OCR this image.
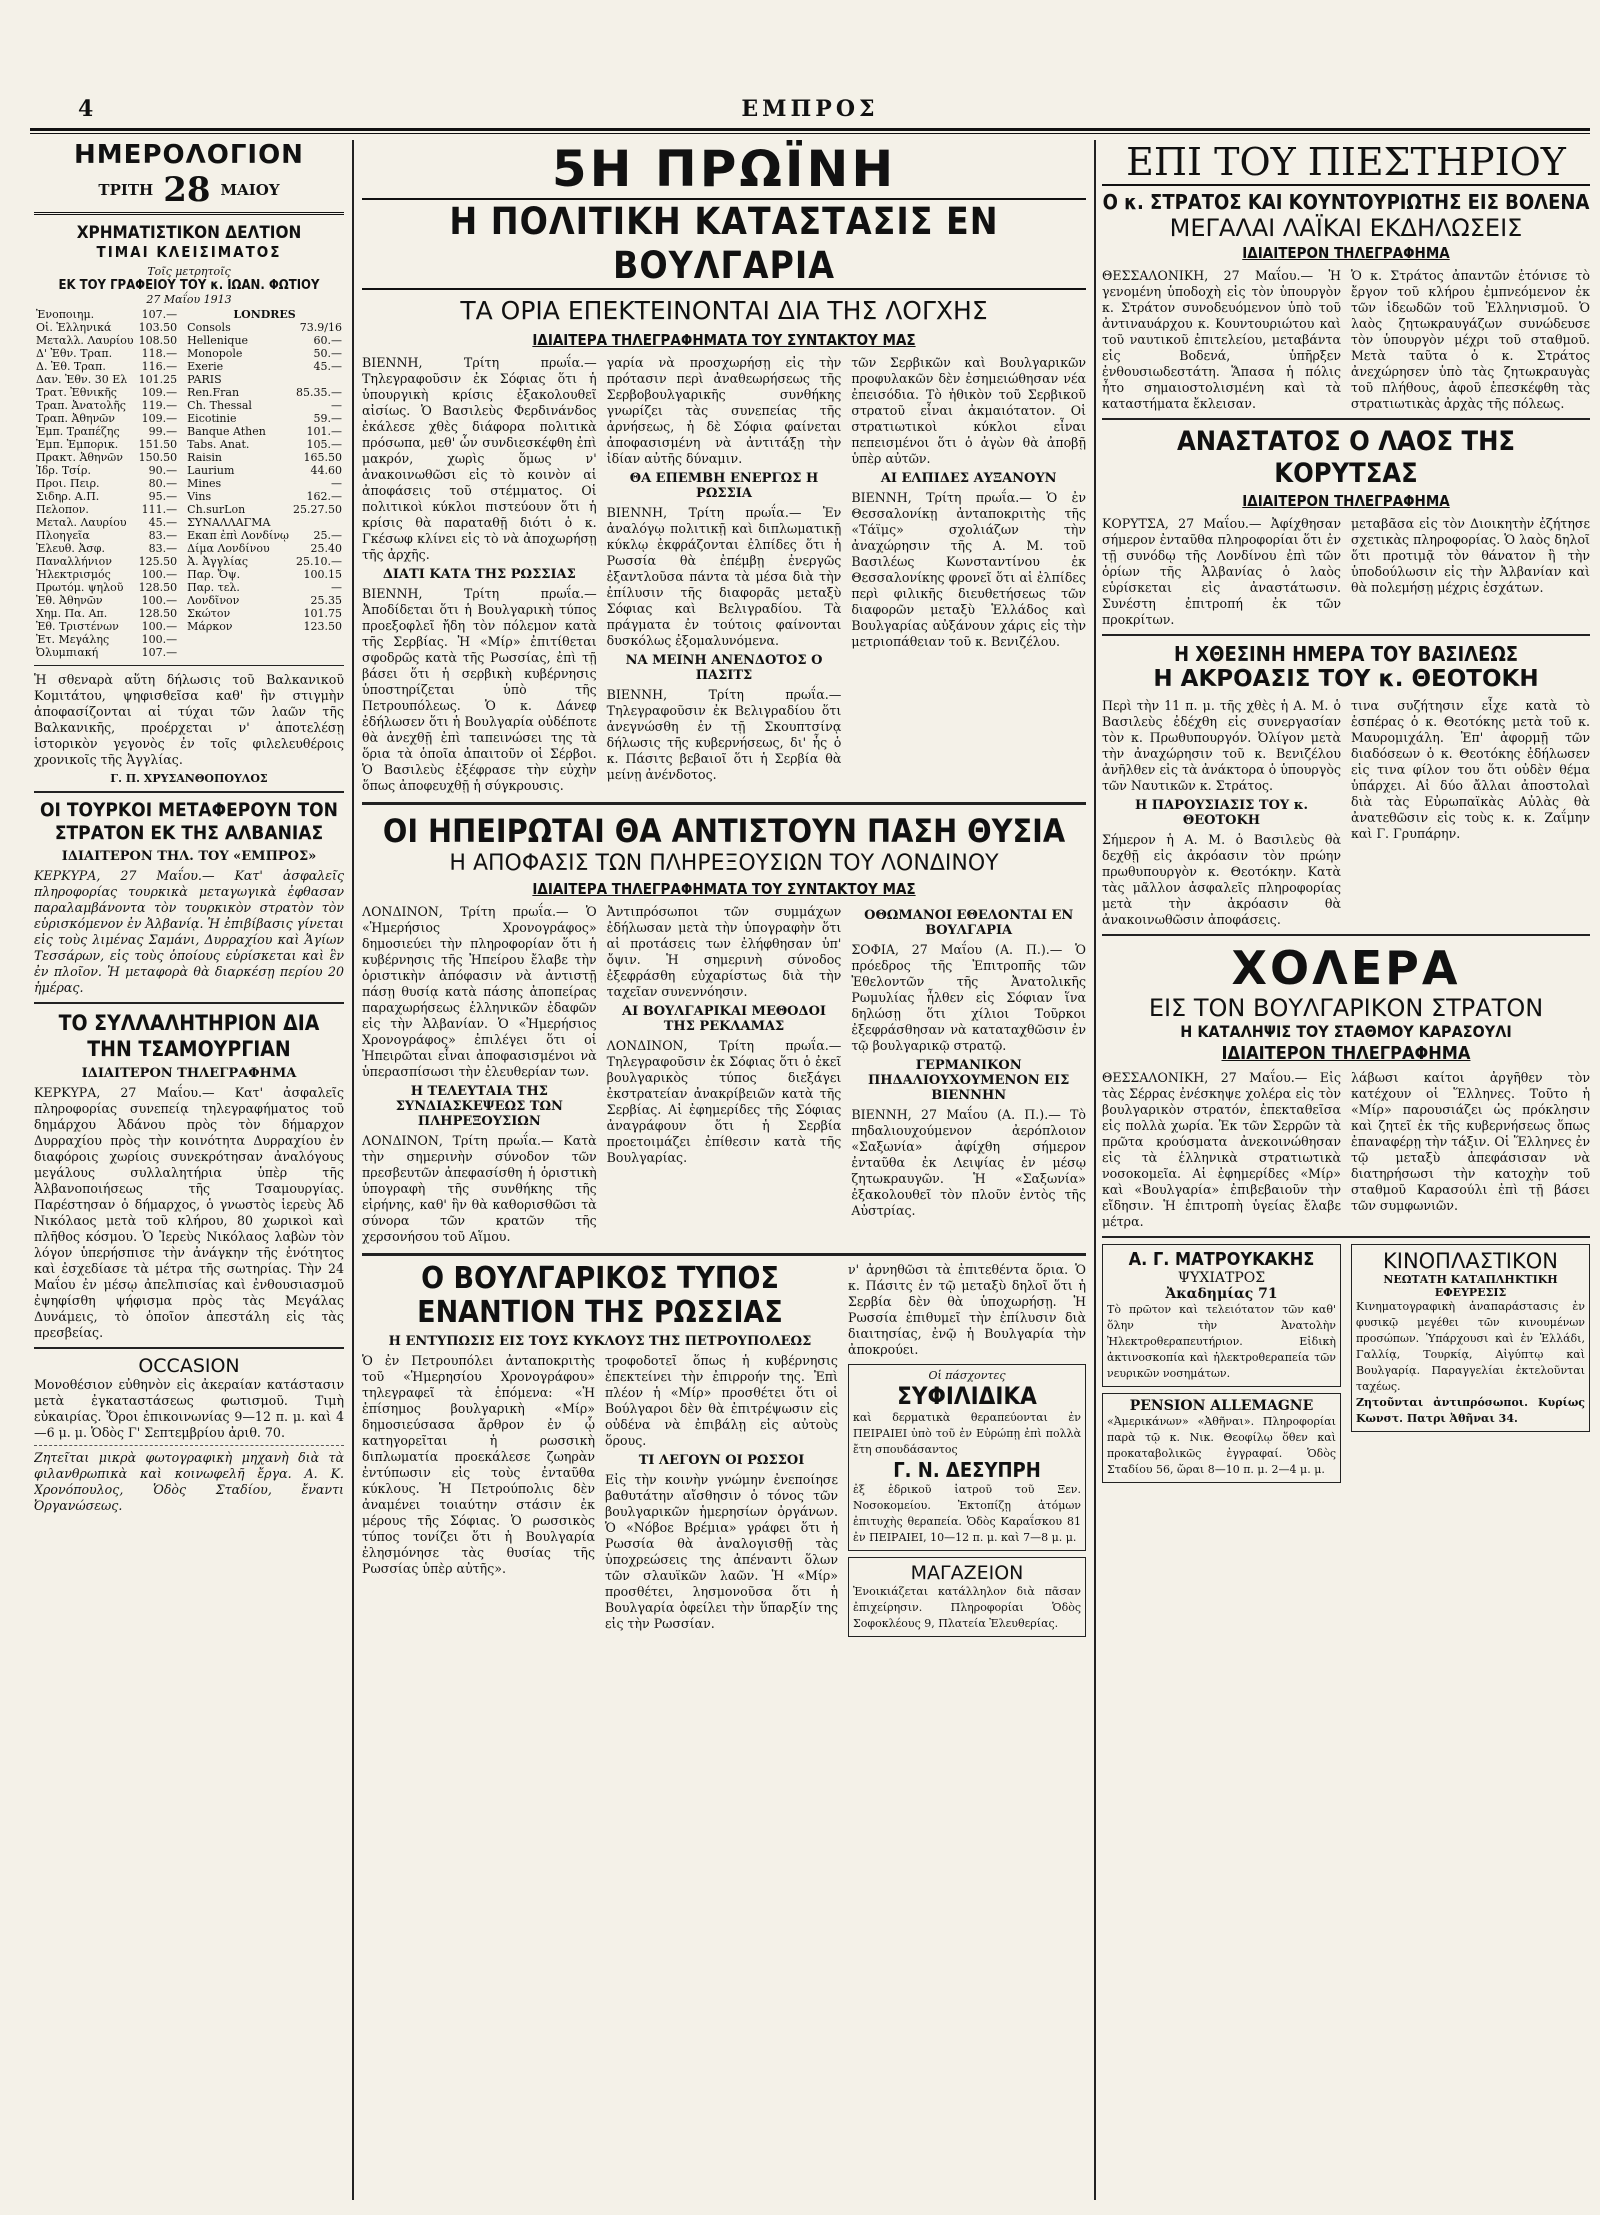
4	ΕΜΠΡΟΣ
ΗΜΕΡΟΛΟΓΙΟΝ
ΤΡΙΤΗ 28 ΜΑΙΟΥ
ΧΡΗΜΑΤΙΣΤΙΚΟΝ ΔΕΛΤΙΟΝ
ΤΙΜΑΙ ΚΛΕΙΣΙΜΑΤΟΣ
Τοῖς μετρητοῖς
ΕΚ ΤΟΥ ΓΡΑΦΕΙΟΥ ΤΟΥ κ. ΙΩΑΝ. ΦΩΤΙΟΥ
27 Μαΐου 1913
Ἐνοποιημ.	107.—
Οἰ. Ἑλληνικά	103.50
Μεταλλ. Λαυρίου	108.50
Δ' Ἐθν. Τραπ.	118.—
Δ. Ἐθ. Τραπ.	116.—
Δαν. Ἐθν. 30 Ελ	101.25
Τρατ. Ἐθνικῆς	109.—
Τραπ. Ἀνατολῆς	119.—
Τραπ. Ἀθηνῶν	109.—
Ἐμπ. Τραπέζης	99.—
Ἐμπ. Ἐμπορικ.	151.50
Πρακτ. Ἀθηνῶν	150.50
Ἰδρ. Τσίρ.	90.—
Προι. Πειρ.	80.—
Σιδηρ. Α.Π.	95.—
Πελοπον.	111.—
Μεταλ. Λαυρίου	45.—
Πλοηγεῖα	83.—
Ἐλευθ. Ἀσφ.	83.—
Παναλλήνιον	125.50
Ἠλεκτρισμός	100.—
Πρωτόμ. ψηλοῦ	128.50
Ἐθ. Ἀθηνῶν	100.—
Χημ. Πα. Απ.	128.50
Ἐθ. Τριστένων	100.—
Ἐτ. Μεγάλης	100.—
Ὀλυμπιακή	107.—
LONDRES
Consols	73.9/16
Hellenique	60.—
Monopole	50.—
Exerie	45.—
PARIS	
Ren.Fran	85.35.—
Ch. Thessal	—
Eicotinie	59.—
Banque Athen	101.—
Tabs. Anat.	105.—
Raisin	165.50
Laurium	44.60
Mines	—
Vins	162.—
Ch.surLon	25.27.50
ΣΥΝΑΛΛΑΓΜΑ	
Εκαπ ἐπὶ Λονδίνῳ	25.—
Δίμα Λονδίνου	25.40
Ἀ. Ἀγγλίας	25.10.—
Παρ. Ὄψ.	100.15
Παρ. τελ.	—
Λονδῖνον	25.35
Σκώτον	101.75
Μάρκον	123.50

Ἡ σθεναρὰ αὕτη δήλωσις τοῦ Βαλκανικοῦ Κομιτάτου, ψηφισθεῖσα καθ' ἣν στιγμὴν ἀποφασίζονται αἱ τύχαι τῶν λαῶν τῆς Βαλκανικῆς, προέρχεται ν' ἀποτελέσῃ ἱστορικὸν γεγονὸς ἐν τοῖς φιλελευθέροις χρονικοῖς τῆς Ἀγγλίας.

Γ. Π. ΧΡΥΣΑΝΘΟΠΟΥΛΟΣ
ΟΙ ΤΟΥΡΚΟΙ ΜΕΤΑΦΕΡΟΥΝ ΤΟΝ ΣΤΡΑΤΟΝ ΕΚ ΤΗΣ ΑΛΒΑΝΙΑΣ
ΙΔΙΑΙΤΕΡΟΝ ΤΗΛ. ΤΟΥ «ΕΜΠΡΟΣ»

ΚΕΡΚΥΡΑ, 27 Μαΐου.— Κατ' ἀσφαλεῖς πληροφορίας τουρκικὰ μεταγωγικὰ ἐφθασαν παραλαμβάνοντα τὸν τουρκικὸν στρατὸν τὸν εὑρισκόμενον ἐν Ἀλβανίᾳ. Ἡ ἐπιβίβασις γίνεται εἰς τοὺς λιμένας Σαμάνι, Δυρραχίου καὶ Ἁγίων Τεσσάρων, εἰς τοὺς ὁποίους εὑρίσκεται καὶ ἓν ἐν πλοῖον. Ἡ μεταφορὰ θὰ διαρκέσῃ περίου 20 ἡμέρας.

ΤΟ ΣΥΛΛΑΛΗΤΗΡΙΟΝ ΔΙΑ ΤΗΝ ΤΣΑΜΟΥΡΓΙΑΝ
ΙΔΙΑΙΤΕΡΟΝ ΤΗΛΕΓΡΑΦΗΜΑ

ΚΕΡΚΥΡΑ, 27 Μαΐου.— Κατ' ἀσφαλεῖς πληροφορίας συνεπείᾳ τηλεγραφήματος τοῦ δημάρχου Ἀδάνου πρὸς τὸν δήμαρχον Δυρραχίου πρὸς τὴν κοινότητα Δυρραχίου ἐν διαφόροις χωρίοις συνεκρότησαν ἀναλόγους μεγάλους συλλαλητήρια ὑπὲρ τῆς Ἀλβανοποιήσεως τῆς Τσαμουργίας. Παρέστησαν ὁ δήμαρχος, ὁ γνωστὸς ἱερεὺς Ἀδ Νικόλαος μετὰ τοῦ κλήρου, 80 χωρικοὶ καὶ πλῆθος κόσμου. Ὁ Ἰερεὺς Νικόλαος λαβὼν τὸν λόγον ὑπερήσπισε τὴν ἀνάγκην τῆς ἑνότητος καὶ ἐσχεδίασε τὰ μέτρα τῆς σωτηρίας. Τὴν 24 Μαΐου ἐν μέσῳ ἀπελπισίας καὶ ἐνθουσιασμοῦ ἐψηφίσθη ψήφισμα πρὸς τὰς Μεγάλας Δυνάμεις, τὸ ὁποῖον ἀπεστάλη εἰς τὰς πρεσβείας.

OCCASION

Μονοθέσιον εὐθηνὸν εἰς ἀκεραίαν κατάστασιν μετὰ ἐγκαταστάσεως φωτισμοῦ. Τιμὴ εὐκαιρίας. Ὅροι ἐπικοινωνίας 9—12 π. μ. καὶ 4—6 μ. μ. Ὁδὸς Γ' Σεπτεμβρίου ἀριθ. 70.

Ζητεῖται μικρὰ φωτογραφικὴ μηχανὴ διὰ τὰ φιλανθρωπικὰ καὶ κοινωφελῆ ἔργα. Α. Κ. Χρονόπουλος, Ὁδὸς Σταδίου, ἔναντι Ὀργανώσεως.

5Η ΠΡΩΪΝΗ
Η ΠΟΛΙΤΙΚΗ ΚΑΤΑΣΤΑΣΙΣ ΕΝ ΒΟΥΛΓΑΡΙΑ
ΤΑ ΟΡΙΑ ΕΠΕΚΤΕΙΝΟΝΤΑΙ ΔΙΑ ΤΗΣ ΛΟΓΧΗΣ
ΙΔΙΑΙΤΕΡΑ ΤΗΛΕΓΡΑΦΗΜΑΤΑ ΤΟΥ ΣΥΝΤΑΚΤΟΥ ΜΑΣ

ΒΙΕΝΝΗ, Τρίτη πρωΐα.— Τηλεγραφοῦσιν ἐκ Σόφιας ὅτι ἡ ὑπουργικὴ κρίσις ἐξακολουθεῖ αἰσίως. Ὁ Βασιλεὺς Φερδινάνδος ἐκάλεσε χθὲς διάφορα πολιτικὰ πρόσωπα, μεθ' ὧν συνδιεσκέφθη ἐπὶ μακρόν, χωρὶς ὅμως ν' ἀνακοινωθῶσι εἰς τὸ κοινὸν αἱ ἀποφάσεις τοῦ στέμματος. Οἱ πολιτικοὶ κύκλοι πιστεύουν ὅτι ἡ κρίσις θὰ παραταθῇ διότι ὁ κ. Γκέσωφ κλίνει εἰς τὸ νὰ ἀποχωρήσῃ τῆς ἀρχῆς.

ΔΙΑΤΙ ΚΑΤΑ ΤΗΣ ΡΩΣΣΙΑΣ

ΒΙΕΝΝΗ, Τρίτη πρωΐα.— Ἀποδίδεται ὅτι ἡ Βουλγαρικὴ τύπος προεξοφλεῖ ἤδη τὸν πόλεμον κατὰ τῆς Σερβίας. Ἡ «Μίρ» ἐπιτίθεται σφοδρῶς κατὰ τῆς Ρωσσίας, ἐπὶ τῇ βάσει ὅτι ἡ σερβικὴ κυβέρνησις ὑποστηρίζεται ὑπὸ τῆς Πετρουπόλεως. Ὁ κ. Δάνεφ ἐδήλωσεν ὅτι ἡ Βουλγαρία οὐδέποτε θὰ ἀνεχθῇ ἐπὶ ταπεινώσει της τὰ ὅρια τὰ ὁποῖα ἀπαιτοῦν οἱ Σέρβοι. Ὁ Βασιλεὺς ἐξέφρασε τὴν εὐχὴν ὅπως ἀποφευχθῇ ἡ σύγκρουσις.

γαρία νὰ προσχωρήσῃ εἰς τὴν πρότασιν περὶ ἀναθεωρήσεως τῆς Σερβοβουλγαρικῆς συνθήκης γνωρίζει τὰς συνεπείας τῆς ἀρνήσεως, ἡ δὲ Σόφια φαίνεται ἀποφασισμένη νὰ ἀντιτάξῃ τὴν ἰδίαν αὐτῆς δύναμιν.

ΘΑ ΕΠΕΜΒΗ ΕΝΕΡΓΩΣ Η ΡΩΣΣΙΑ

ΒΙΕΝΝΗ, Τρίτη πρωΐα.— Ἐν ἀναλόγῳ πολιτικῇ καὶ διπλωματικῇ κύκλῳ ἐκφράζονται ἐλπίδες ὅτι ἡ Ρωσσία θὰ ἐπέμβῃ ἐνεργῶς ἐξαντλοῦσα πάντα τὰ μέσα διὰ τὴν ἐπίλυσιν τῆς διαφορᾶς μεταξὺ Σόφιας καὶ Βελιγραδίου. Τὰ πράγματα ἐν τούτοις φαίνονται δυσκόλως ἐξομαλυνόμενα.

ΝΑ ΜΕΙΝΗ ΑΝΕΝΔΟΤΟΣ Ο ΠΑΣΙΤΣ

ΒΙΕΝΝΗ, Τρίτη πρωΐα.— Τηλεγραφοῦσιν ἐκ Βελιγραδίου ὅτι ἀνεγνώσθη ἐν τῇ Σκουπτσίνᾳ δήλωσις τῆς κυβερνήσεως, δι' ἧς ὁ κ. Πάσιτς βεβαιοῖ ὅτι ἡ Σερβία θὰ μείνῃ ἀνένδοτος.

τῶν Σερβικῶν καὶ Βουλγαρικῶν προφυλακῶν δὲν ἐσημειώθησαν νέα ἐπεισόδια. Τὸ ἠθικὸν τοῦ Σερβικοῦ στρατοῦ εἶναι ἀκμαιότατον. Οἱ στρατιωτικοὶ κύκλοι εἶναι πεπεισμένοι ὅτι ὁ ἀγὼν θὰ ἀποβῇ ὑπὲρ αὐτῶν.

ΑΙ ΕΛΠΙΔΕΣ ΑΥΞΑΝΟΥΝ

ΒΙΕΝΝΗ, Τρίτη πρωΐα.— Ὁ ἐν Θεσσαλονίκῃ ἀνταποκριτὴς τῆς «Τάϊμς» σχολιάζων τὴν ἀναχώρησιν τῆς Α. Μ. τοῦ Βασιλέως Κωνσταντίνου ἐκ Θεσσαλονίκης φρονεῖ ὅτι αἱ ἐλπίδες περὶ φιλικῆς διευθετήσεως τῶν διαφορῶν μεταξὺ Ἑλλάδος καὶ Βουλγαρίας αὐξάνουν χάρις εἰς τὴν μετριοπάθειαν τοῦ κ. Βενιζέλου.

ΟΙ ΗΠΕΙΡΩΤΑΙ ΘΑ ΑΝΤΙΣΤΟΥΝ ΠΑΣΗ ΘΥΣΙΑ
Η ΑΠΟΦΑΣΙΣ ΤΩΝ ΠΛΗΡΕΞΟΥΣΙΩΝ ΤΟΥ ΛΟΝΔΙΝΟΥ
ΙΔΙΑΙΤΕΡΑ ΤΗΛΕΓΡΑΦΗΜΑΤΑ ΤΟΥ ΣΥΝΤΑΚΤΟΥ ΜΑΣ

ΛΟΝΔΙΝΟΝ, Τρίτη πρωΐα.— Ὁ «Ἡμερήσιος Χρονογράφος» δημοσιεύει τὴν πληροφορίαν ὅτι ἡ κυβέρνησις τῆς Ἠπείρου ἔλαβε τὴν ὁριστικὴν ἀπόφασιν νὰ ἀντιστῇ πάσῃ θυσίᾳ κατὰ πάσης ἀποπείρας παραχωρήσεως ἑλληνικῶν ἐδαφῶν εἰς τὴν Ἀλβανίαν. Ὁ «Ἡμερήσιος Χρονογράφος» ἐπιλέγει ὅτι οἱ Ἠπειρῶται εἶναι ἀποφασισμένοι νὰ ὑπερασπίσωσι τὴν ἐλευθερίαν των.

Η ΤΕΛΕΥΤΑΙΑ ΤΗΣ ΣΥΝΔΙΑΣΚΕΨΕΩΣ ΤΩΝ ΠΛΗΡΕΞΟΥΣΙΩΝ

ΛΟΝΔΙΝΟΝ, Τρίτη πρωΐα.— Κατὰ τὴν σημερινὴν σύνοδον τῶν πρεσβευτῶν ἀπεφασίσθη ἡ ὁριστικὴ ὑπογραφὴ τῆς συνθήκης τῆς εἰρήνης, καθ' ἣν θὰ καθορισθῶσι τὰ σύνορα τῶν κρατῶν τῆς χερσονήσου τοῦ Αἵμου.

Ἀντιπρόσωποι τῶν συμμάχων ἐδήλωσαν μετὰ τὴν ὑπογραφὴν ὅτι αἱ προτάσεις των ἐλήφθησαν ὑπ' ὄψιν. Ἡ σημερινὴ σύνοδος ἐξεφράσθη εὐχαρίστως διὰ τὴν ταχεῖαν συνεννόησιν.

ΑΙ ΒΟΥΛΓΑΡΙΚΑΙ ΜΕΘΟΔΟΙ ΤΗΣ ΡΕΚΛΑΜΑΣ

ΛΟΝΔΙΝΟΝ, Τρίτη πρωΐα.— Τηλεγραφοῦσιν ἐκ Σόφιας ὅτι ὁ ἐκεῖ βουλγαρικὸς τύπος διεξάγει ἐκστρατείαν ἀνακρίβειῶν κατὰ τῆς Σερβίας. Αἱ ἐφημερίδες τῆς Σόφιας ἀναγράφουν ὅτι ἡ Σερβία προετοιμάζει ἐπίθεσιν κατὰ τῆς Βουλγαρίας.

ΟΘΩΜΑΝΟΙ ΕΘΕΛΟΝΤΑΙ ΕΝ ΒΟΥΛΓΑΡΙΑ

ΣΟΦΙΑ, 27 Μαΐου (Α. Π.).— Ὁ πρόεδρος τῆς Ἐπιτροπῆς τῶν Ἐθελοντῶν τῆς Ἀνατολικῆς Ρωμυλίας ἦλθεν εἰς Σόφιαν ἵνα δηλώσῃ ὅτι χίλιοι Τοῦρκοι ἐξεφράσθησαν νὰ καταταχθῶσιν ἐν τῷ βουλγαρικῷ στρατῷ.

ΓΕΡΜΑΝΙΚΟΝ ΠΗΔΑΛΙΟΥΧΟΥΜΕΝΟΝ ΕΙΣ ΒΙΕΝΝΗΝ

ΒΙΕΝΝΗ, 27 Μαΐου (Α. Π.).— Τὸ πηδαλιουχούμενον ἀερόπλοιον «Σαξωνία» ἀφίχθη σήμερον ἐνταῦθα ἐκ Λειψίας ἐν μέσῳ ζητωκραυγῶν. Ἡ «Σαξωνία» ἐξακολουθεῖ τὸν πλοῦν ἐντὸς τῆς Αὐστρίας.

Ο ΒΟΥΛΓΑΡΙΚΟΣ ΤΥΠΟΣ
ΕΝΑΝΤΙΟΝ ΤΗΣ ΡΩΣΣΙΑΣ
Η ΕΝΤΥΠΩΣΙΣ ΕΙΣ ΤΟΥΣ ΚΥΚΛΟΥΣ ΤΗΣ ΠΕΤΡΟΥΠΟΛΕΩΣ

Ὁ ἐν Πετρουπόλει ἀνταποκριτὴς τοῦ «Ἡμερησίου Χρονογράφου» τηλεγραφεῖ τὰ ἑπόμενα: «Ἡ ἐπίσημος βουλγαρικὴ «Μίρ» δημοσιεύσασα ἄρθρον ἐν ᾧ κατηγορεῖται ἡ ρωσσικὴ διπλωματία προεκάλεσε ζωηρὰν ἐντύπωσιν εἰς τοὺς ἐνταῦθα κύκλους. Ἡ Πετρούπολις δὲν ἀναμένει τοιαύτην στάσιν ἐκ μέρους τῆς Σόφιας. Ὁ ρωσσικὸς τύπος τονίζει ὅτι ἡ Βουλγαρία ἐλησμόνησε τὰς θυσίας τῆς Ρωσσίας ὑπὲρ αὐτῆς».

τροφοδοτεῖ ὅπως ἡ κυβέρνησις ἐπεκτείνει τὴν ἐπιρροήν της. Ἐπὶ πλέον ἡ «Μίρ» προσθέτει ὅτι οἱ Βούλγαροι δὲν θὰ ἐπιτρέψωσιν εἰς οὐδένα νὰ ἐπιβάλῃ εἰς αὐτοὺς ὅρους.

ΤΙ ΛΕΓΟΥΝ ΟΙ ΡΩΣΣΟΙ

Εἰς τὴν κοινὴν γνώμην ἐνεποίησε βαθυτάτην αἴσθησιν ὁ τόνος τῶν βουλγαρικῶν ἡμερησίων ὀργάνων. Ὁ «Νόβοε Βρέμια» γράφει ὅτι ἡ Ρωσσία θὰ ἀναλογισθῇ τὰς ὑποχρεώσεις της ἀπέναντι ὅλων τῶν σλαυϊκῶν λαῶν. Ἡ «Μίρ» προσθέτει, λησμονοῦσα ὅτι ἡ Βουλγαρία ὀφείλει τὴν ὕπαρξίν της εἰς τὴν Ρωσσίαν.

ν' ἀρνηθῶσι τὰ ἐπιτεθέντα ὅρια. Ὁ κ. Πάσιτς ἐν τῷ μεταξὺ δηλοῖ ὅτι ἡ Σερβία δὲν θὰ ὑποχωρήσῃ. Ἡ Ρωσσία ἐπιθυμεῖ τὴν ἐπίλυσιν διὰ διαιτησίας, ἐνῷ ἡ Βουλγαρία τὴν ἀποκρούει.

Οἱ πάσχοντες
ΣΥΦΙΛΙΔΙΚΑ

καὶ δερματικὰ θεραπεύονται ἐν ΠΕΙΡΑΙΕΙ ὑπὸ τοῦ ἐν Εὐρώπῃ ἐπὶ πολλὰ ἔτη σπουδάσαντος

Γ. Ν. ΔΕΣΥΠΡΗ

ἐξ ἑδρικοῦ ἰατροῦ τοῦ Ξεν. Νοσοκομείου. Ἐκτοπίζῃ ἀτόμων ἐπιτυχὴς θεραπεία. Ὁδὸς Καραΐσκου 81 ἐν ΠΕΙΡΑΙΕΙ, 10—12 π. μ. καὶ 7—8 μ. μ.

ΜΑΓΑΖΕΙΟΝ

Ἐνοικιάζεται κατάλληλον διὰ πᾶσαν ἐπιχείρησιν. Πληροφορίαι Ὁδὸς Σοφοκλέους 9, Πλατεία Ἐλευθερίας.

ΕΠΙ ΤΟΥ ΠΙΕΣΤΗΡΙΟΥ
Ο κ. ΣΤΡΑΤΟΣ ΚΑΙ ΚΟΥΝΤΟΥΡΙΩΤΗΣ ΕΙΣ ΒΟΛΕΝΑ
ΜΕΓΑΛΑΙ ΛΑΪΚΑΙ ΕΚΔΗΛΩΣΕΙΣ
ΙΔΙΑΙΤΕΡΟΝ ΤΗΛΕΓΡΑΦΗΜΑ

ΘΕΣΣΑΛΟΝΙΚΗ, 27 Μαΐου.— Ἡ γενομένη ὑποδοχὴ εἰς τὸν ὑπουργὸν κ. Στράτον συνοδευόμενον ὑπὸ τοῦ ἀντιναυάρχου κ. Κουντουριώτου καὶ τοῦ ναυτικοῦ ἐπιτελείου, μεταβάντα εἰς Βοδενά, ὑπῆρξεν ἐνθουσιωδεστάτη. Ἅπασα ἡ πόλις ἦτο σημαιοστολισμένη καὶ τὰ καταστήματα ἔκλεισαν.

Ὁ κ. Στράτος ἀπαντῶν ἐτόνισε τὸ ἔργον τοῦ κλήρου ἐμπνεόμενον ἐκ τῶν ἰδεωδῶν τοῦ Ἑλληνισμοῦ. Ὁ λαὸς ζητωκραυγάζων συνώδευσε τὸν ὑπουργὸν μέχρι τοῦ σταθμοῦ. Μετὰ ταῦτα ὁ κ. Στράτος ἀνεχώρησεν ὑπὸ τὰς ζητωκραυγὰς τοῦ πλήθους, ἀφοῦ ἐπεσκέφθη τὰς στρατιωτικὰς ἀρχὰς τῆς πόλεως.

ΑΝΑΣΤΑΤΟΣ Ο ΛΑΟΣ ΤΗΣ ΚΟΡΥΤΣΑΣ
ΙΔΙΑΙΤΕΡΟΝ ΤΗΛΕΓΡΑΦΗΜΑ

ΚΟΡΥΤΣΑ, 27 Μαΐου.— Ἀφίχθησαν σήμερον ἐνταῦθα πληροφορίαι ὅτι ἐν τῇ συνόδῳ τῆς Λονδίνου ἐπὶ τῶν ὁρίων τῆς Ἀλβανίας ὁ λαὸς εὑρίσκεται εἰς ἀναστάτωσιν. Συνέστη ἐπιτροπή ἐκ τῶν προκρίτων.

μεταβᾶσα εἰς τὸν Διοικητὴν ἐζήτησε σχετικὰς πληροφορίας. Ὁ λαὸς δηλοῖ ὅτι προτιμᾷ τὸν θάνατον ἢ τὴν ὑποδούλωσιν εἰς τὴν Ἀλβανίαν καὶ θὰ πολεμήσῃ μέχρις ἐσχάτων.

Η ΧΘΕΣΙΝΗ ΗΜΕΡΑ ΤΟΥ ΒΑΣΙΛΕΩΣ
Η ΑΚΡΟΑΣΙΣ ΤΟΥ κ. ΘΕΟΤΟΚΗ

Περὶ τὴν 11 π. μ. τῆς χθὲς ἡ Α. Μ. ὁ Βασιλεὺς ἐδέχθη εἰς συνεργασίαν τὸν κ. Πρωθυπουργόν. Ὀλίγον μετὰ τὴν ἀναχώρησιν τοῦ κ. Βενιζέλου ἀνῆλθεν εἰς τὰ ἀνάκτορα ὁ ὑπουργὸς τῶν Ναυτικῶν κ. Στράτος.

Η ΠΑΡΟΥΣΙΑΣΙΣ ΤΟΥ κ. ΘΕΟΤΟΚΗ

Σήμερον ἡ Α. Μ. ὁ Βασιλεὺς θὰ δεχθῇ εἰς ἀκρόασιν τὸν πρώην πρωθυπουργὸν κ. Θεοτόκην. Κατὰ τὰς μᾶλλον ἀσφαλεῖς πληροφορίας μετὰ τὴν ἀκρόασιν θὰ ἀνακοινωθῶσιν ἀποφάσεις.

τινα συζήτησιν εἶχε κατὰ τὸ ἑσπέρας ὁ κ. Θεοτόκης μετὰ τοῦ κ. Μαυρομιχάλη. Ἐπ' ἀφορμῇ τῶν διαδόσεων ὁ κ. Θεοτόκης ἐδήλωσεν εἰς τινα φίλον του ὅτι οὐδὲν θέμα ὑπάρχει. Αἱ δύο ἄλλαι ἀποστολαὶ διὰ τὰς Εὐρωπαϊκὰς Αὐλὰς θὰ ἀνατεθῶσιν εἰς τοὺς κ. κ. Ζαΐμην καὶ Γ. Γρυπάρην.

ΧΟΛΕΡΑ
ΕΙΣ ΤΟΝ ΒΟΥΛΓΑΡΙΚΟΝ ΣΤΡΑΤΟΝ
Η ΚΑΤΑΛΗΨΙΣ ΤΟΥ ΣΤΑΘΜΟΥ ΚΑΡΑΣΟΥΛΙ
ΙΔΙΑΙΤΕΡΟΝ ΤΗΛΕΓΡΑΦΗΜΑ

ΘΕΣΣΑΛΟΝΙΚΗ, 27 Μαΐου.— Εἰς τὰς Σέρρας ἐνέσκηψε χολέρα εἰς τὸν βουλγαρικὸν στρατόν, ἐπεκταθεῖσα εἰς πολλὰ χωρία. Ἐκ τῶν Σερρῶν τὰ πρῶτα κρούσματα ἀνεκοινώθησαν εἰς τὰ ἑλληνικὰ στρατιωτικὰ νοσοκομεῖα. Αἱ ἐφημερίδες «Μίρ» καὶ «Βουλγαρία» ἐπιβεβαιοῦν τὴν εἴδησιν. Ἡ ἐπιτροπὴ ὑγείας ἔλαβε μέτρα.

λάβωσι καίτοι ἀργῆθεν τὸν κατέχουν οἱ Ἕλληνες. Τοῦτο ἡ «Μίρ» παρουσιάζει ὡς πρόκλησιν καὶ ζητεῖ ἐκ τῆς κυβερνήσεως ὅπως ἐπαναφέρῃ τὴν τάξιν. Οἱ Ἕλληνες ἐν τῷ μεταξὺ ἀπεφάσισαν νὰ διατηρήσωσι τὴν κατοχὴν τοῦ σταθμοῦ Καρασούλι ἐπὶ τῇ βάσει τῶν συμφωνιῶν.

Α. Γ. ΜΑΤΡΟΥΚΑΚΗΣ
ΨΥΧΙΑΤΡΟΣ
Ἀκαδημίας 71

Τὸ πρῶτον καὶ τελειότατον τῶν καθ' ὅλην τὴν Ἀνατολὴν Ἠλεκτροθεραπευτήριον. Εἰδικὴ ἀκτινοσκοπία καὶ ἠλεκτροθεραπεία τῶν νευρικῶν νοσημάτων.

PENSION ALLEMAGNE

«Ἀμερικάνων» «Ἀθῆναι». Πληροφορίαι παρὰ τῷ κ. Νικ. Θεοφίλῳ ὅθεν καὶ προκαταβολικῶς ἐγγραφαί. Ὁδὸς Σταδίου 56, ὥραι 8—10 π. μ. 2—4 μ. μ.

ΚΙΝΟΠΛΑΣΤΙΚΟΝ
ΝΕΩΤΑΤΗ ΚΑΤΑΠΛΗΚΤΙΚΗ ΕΦΕΥΡΕΣΙΣ

Κινηματογραφικὴ ἀναπαράστασις ἐν φυσικῷ μεγέθει τῶν κινουμένων προσώπων. Ὑπάρχουσι καὶ ἐν Ἑλλάδι, Γαλλίᾳ, Τουρκίᾳ, Αἰγύπτῳ καὶ Βουλγαρίᾳ. Παραγγελίαι ἐκτελοῦνται ταχέως.

Ζητοῦνται ἀντιπρόσωποι. Κυρίως Κωνστ. Πατρι Ἀθῆναι 34.
